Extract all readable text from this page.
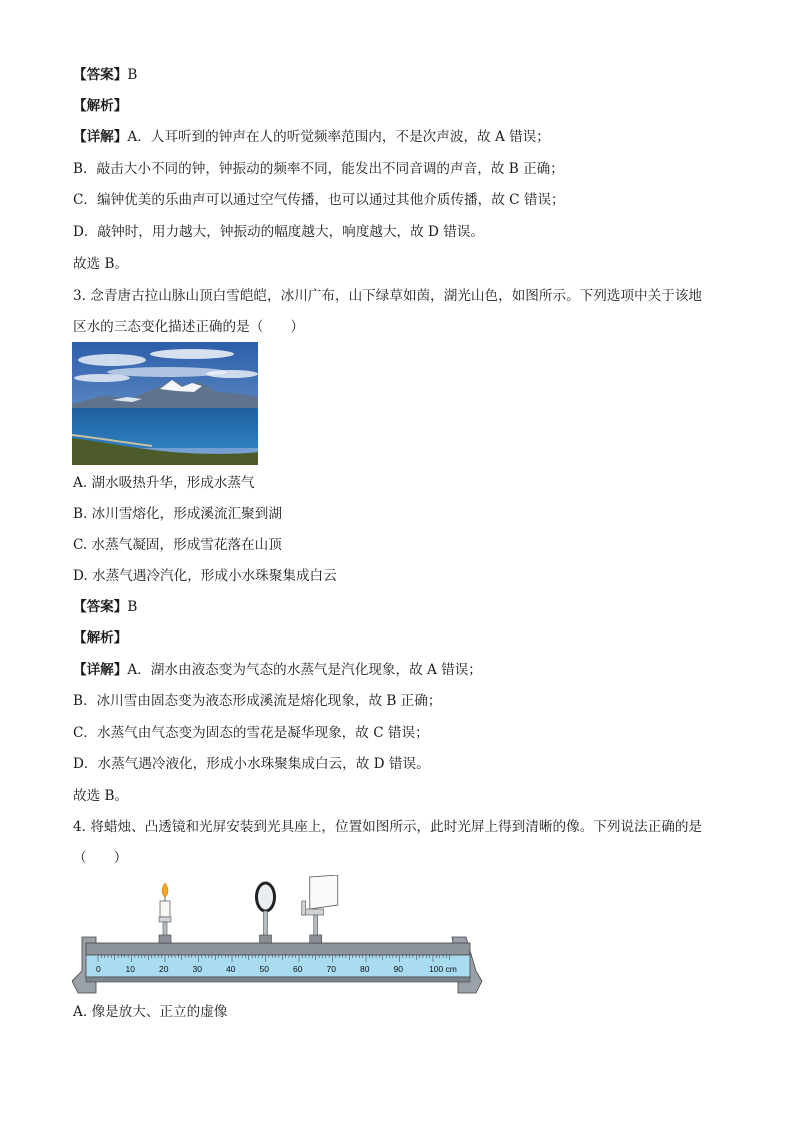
【答案】B
【解析】
【详解】A．人耳听到的钟声在人的听觉频率范围内，不是次声波，故 A 错误；
B．敲击大小不同的钟，钟振动的频率不同，能发出不同音调的声音，故 B 正确；
C．编钟优美的乐曲声可以通过空气传播，也可以通过其他介质传播，故 C 错误；
D．敲钟时，用力越大，钟振动的幅度越大，响度越大，故 D 错误。
故选 B。
3. 念青唐古拉山脉山顶白雪皑皑，冰川广布，山下绿草如茵，湖光山色，如图所示。下列选项中关于该地
区水的三态变化描述正确的是（　　）
A. 湖水吸热升华，形成水蒸气
B. 冰川雪熔化，形成溪流汇聚到湖
C. 水蒸气凝固，形成雪花落在山顶
D. 水蒸气遇冷汽化，形成小水珠聚集成白云
【答案】B
【解析】
【详解】A．湖水由液态变为气态的水蒸气是汽化现象，故 A 错误；
B．冰川雪由固态变为液态形成溪流是熔化现象，故 B 正确；
C．水蒸气由气态变为固态的雪花是凝华现象，故 C 错误；
D．水蒸气遇冷液化，形成小水珠聚集成白云，故 D 错误。
故选 B。
4. 将蜡烛、凸透镜和光屏安装到光具座上，位置如图所示，此时光屏上得到清晰的像。下列说法正确的是
（　　）
0	10	20	30	40	50	60	70	80	90	100 cm
A. 像是放大、正立的虚像
